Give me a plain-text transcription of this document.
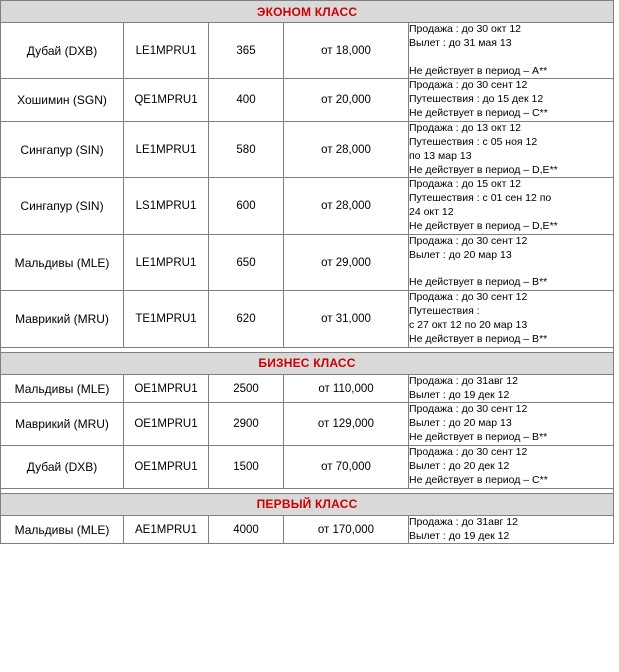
ЭКОНОМ КЛАСС				
Дубай (DXB)	LE1MPRU1	365	от 18,000	Продажа : до 30 окт 12
Вылет : до 31 мая 13

Не действует в период – A**

Хошимин (SGN)	QE1MPRU1	400	от 20,000	Продажа : до 30 сент 12
Путешествия : до 15 дек 12
Не действует в период – C**

Сингапур (SIN)	LE1MPRU1	580	от 28,000	Продажа : до 13 окт 12
Путешествия : с 05 ноя 12
по 13 мар 13
Не действует в период – D,E**

Сингапур (SIN)	LS1MPRU1	600	от 28,000	Продажа : до 15 окт 12
Путешествия : с 01 сен 12 по
24 окт 12
Не действует в период – D,E**

Мальдивы (MLE)	LE1MPRU1	650	от 29,000	Продажа : до 30 сент 12
Вылет : до 20 мар 13

Не действует в период – B**

Маврикий (MRU)	TE1MPRU1	620	от 31,000	Продажа : до 30 сент 12
Путешествия :
с 27 окт 12 по 20 мар 13
Не действует в период – B**

БИЗНЕС КЛАСС				
Мальдивы (MLE)	OE1MPRU1	2500	от 110,000	Продажа : до 31авг 12
Вылет : до 19 дек 12

Маврикий (MRU)	OE1MPRU1	2900	от 129,000	Продажа : до 30 сент 12
Вылет : до 20 мар 13
Не действует в период – B**

Дубай (DXB)	OE1MPRU1	1500	от 70,000	Продажа : до 30 сент 12
Вылет : до 20 дек 12
Не действует в период – C**

ПЕРВЫЙ КЛАСС				
Мальдивы (MLE)	AE1MPRU1	4000	от 170,000	Продажа : до 31авг 12
Вылет : до 19 дек 12
